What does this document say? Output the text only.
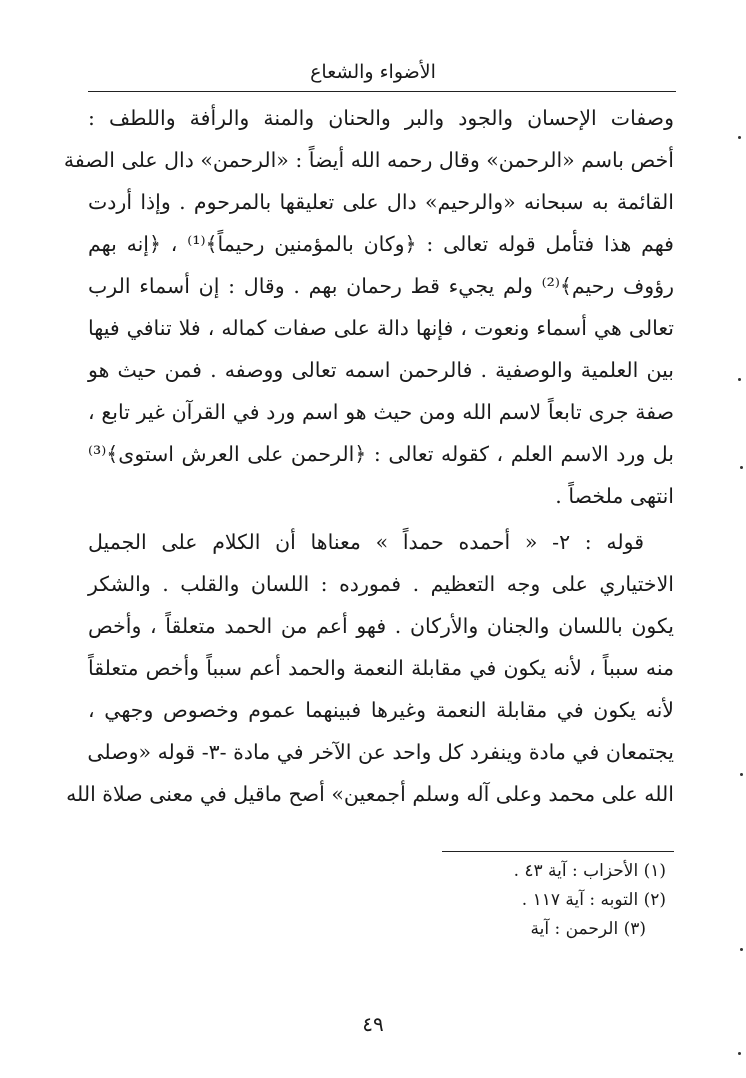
الأضواء والشعاع
وصفات الإحسان والجود والبر والحنان والمنة والرأفة واللطف :
أخص باسم «الرحمن» وقال رحمه الله أيضاً : «الرحمن» دال على الصفة
القائمة به سبحانه «والرحيم» دال على تعليقها بالمرحوم . وإذا أردت
فهم هذا فتأمل قوله تعالى : ﴿وكان بالمؤمنين رحيماً﴾⁽¹⁾ ، ﴿إنه بهم
رؤوف رحيم﴾⁽²⁾ ولم يجيء قط رحمان بهم . وقال : إن أسماء الرب
تعالى هي أسماء ونعوت ، فإنها دالة على صفات كماله ، فلا تنافي فيها
بين العلمية والوصفية . فالرحمن اسمه تعالى ووصفه . فمن حيث هو
صفة جرى تابعاً لاسم الله ومن حيث هو اسم ورد في القرآن غير تابع ،
بل ورد الاسم العلم ، كقوله تعالى : ﴿الرحمن على العرش استوى﴾⁽³⁾
انتهى ملخصاً .
قوله : ٢- « أحمده حمداً » معناها أن الكلام على الجميل
الاختياري على وجه التعظيم . فمورده : اللسان والقلب . والشكر
يكون باللسان والجنان والأركان . فهو أعم من الحمد متعلقاً ، وأخص
منه سبباً ، لأنه يكون في مقابلة النعمة والحمد أعم سبباً وأخص متعلقاً
لأنه يكون في مقابلة النعمة وغيرها فبينهما عموم وخصوص وجهي ،
يجتمعان في مادة وينفرد كل واحد عن الآخر في مادة -٣- قوله «وصلى
الله على محمد وعلى آله وسلم أجمعين» أصح ماقيل في معنى صلاة الله
(١) الأحزاب : آية ٤٣ .
(٢) التوبه : آية ١١٧ .
(٣) الرحمن : آية
٤٩
